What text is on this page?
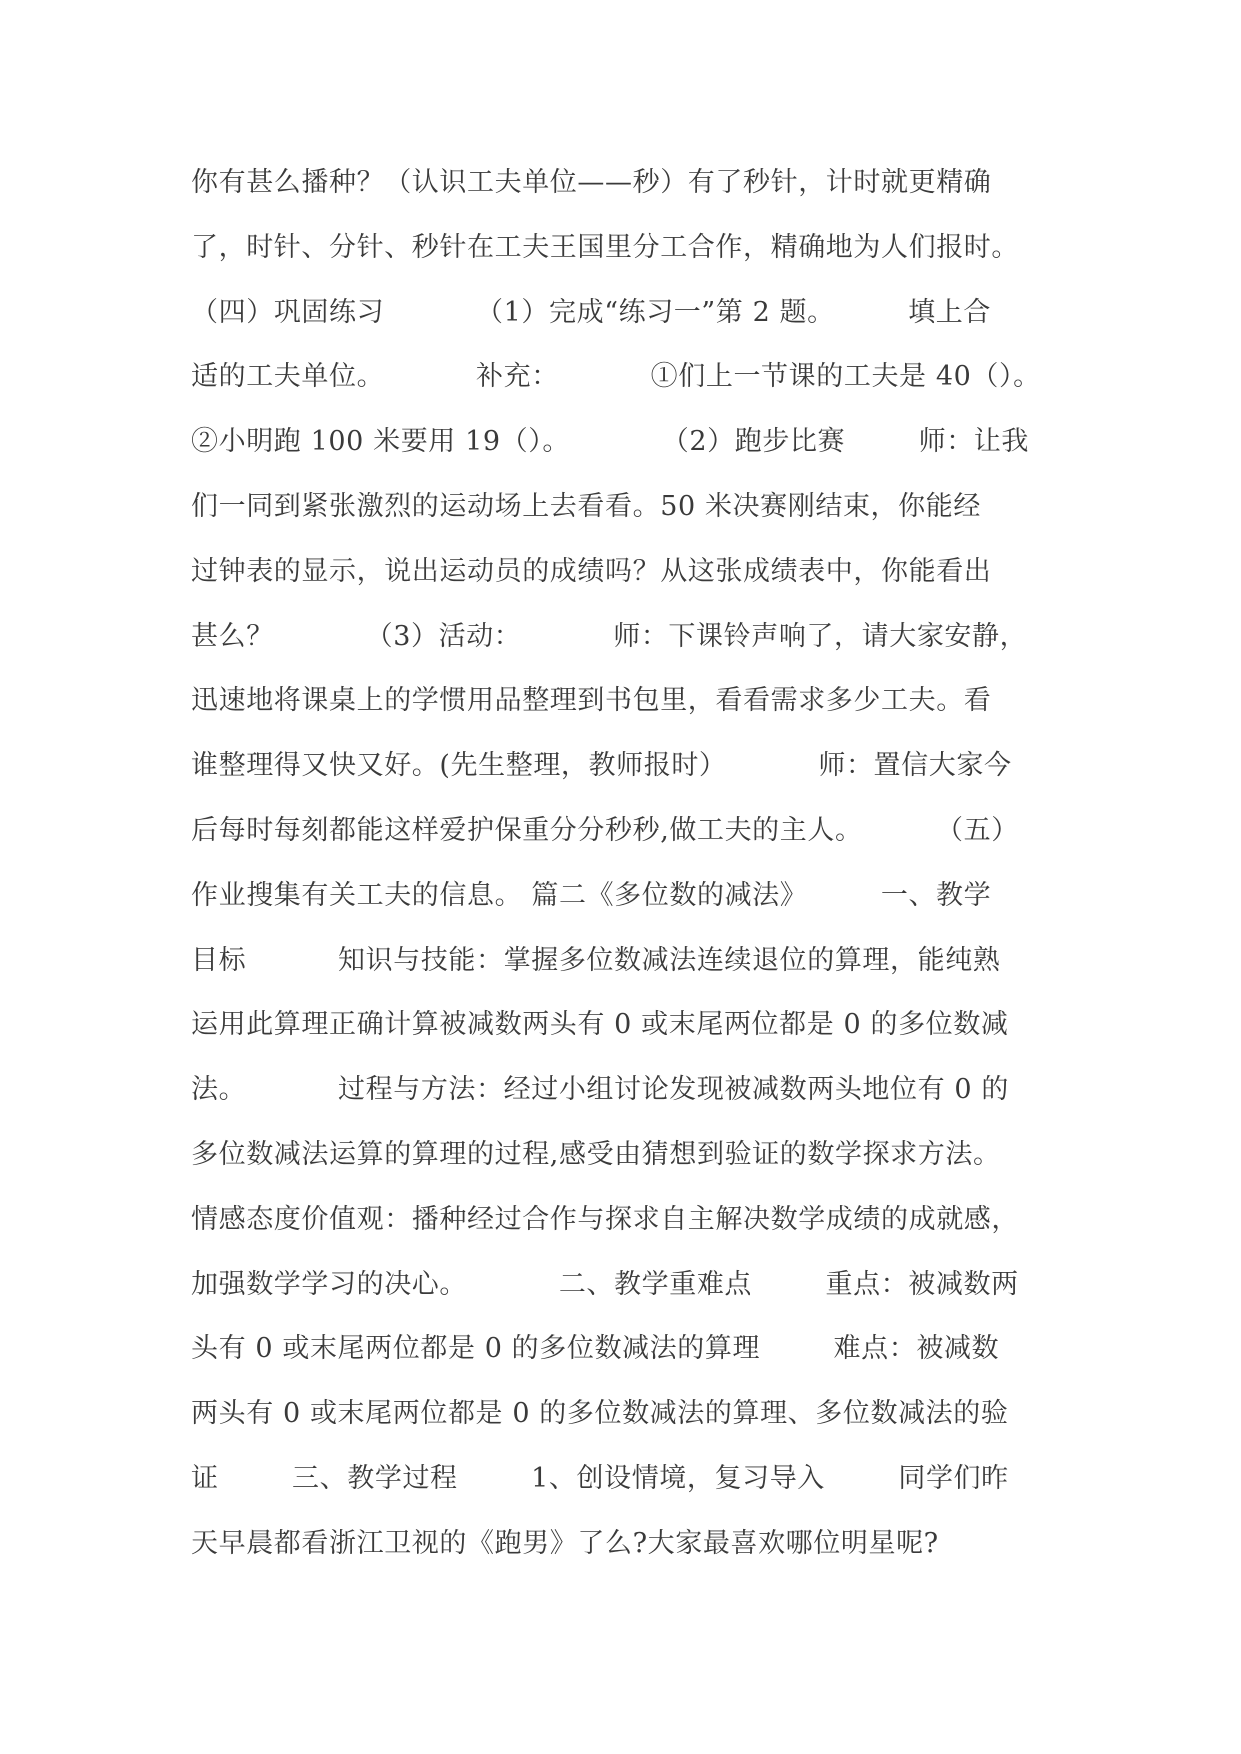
你有甚么播种？（认识工夫单位——秒）有了秒针，计时就更精确
了，时针、分针、秒针在工夫王国里分工合作，精确地为人们报时。
（四）巩固练习          （1）完成“练习一”第 2 题。        填上合
适的工夫单位。          补充：          ①们上一节课的工夫是 40（）。
②小明跑 100 米要用 19（）。          （2）跑步比赛        师：让我
们一同到紧张激烈的运动场上去看看。50 米决赛刚结束，你能经
过钟表的显示，说出运动员的成绩吗？从这张成绩表中，你能看出
甚么？          （3）活动：          师：下课铃声响了，请大家安静，
迅速地将课桌上的学惯用品整理到书包里，看看需求多少工夫。看
谁整理得又快又好。(先生整理，教师报时）          师：置信大家今
后每时每刻都能这样爱护保重分分秒秒,做工夫的主人。        （五）
作业搜集有关工夫的信息。 篇二《多位数的减法》        一、教学
目标          知识与技能：掌握多位数减法连续退位的算理，能纯熟
运用此算理正确计算被减数两头有 0 或末尾两位都是 0 的多位数减
法。          过程与方法：经过小组讨论发现被减数两头地位有 0 的
多位数减法运算的算理的过程,感受由猜想到验证的数学探求方法。
情感态度价值观：播种经过合作与探求自主解决数学成绩的成就感，
加强数学学习的决心。          二、教学重难点        重点：被减数两
头有 0 或末尾两位都是 0 的多位数减法的算理        难点：被减数
两头有 0 或末尾两位都是 0 的多位数减法的算理、多位数减法的验
证        三、教学过程        1、创设情境，复习导入        同学们昨
天早晨都看浙江卫视的《跑男》了么?大家最喜欢哪位明星呢?
